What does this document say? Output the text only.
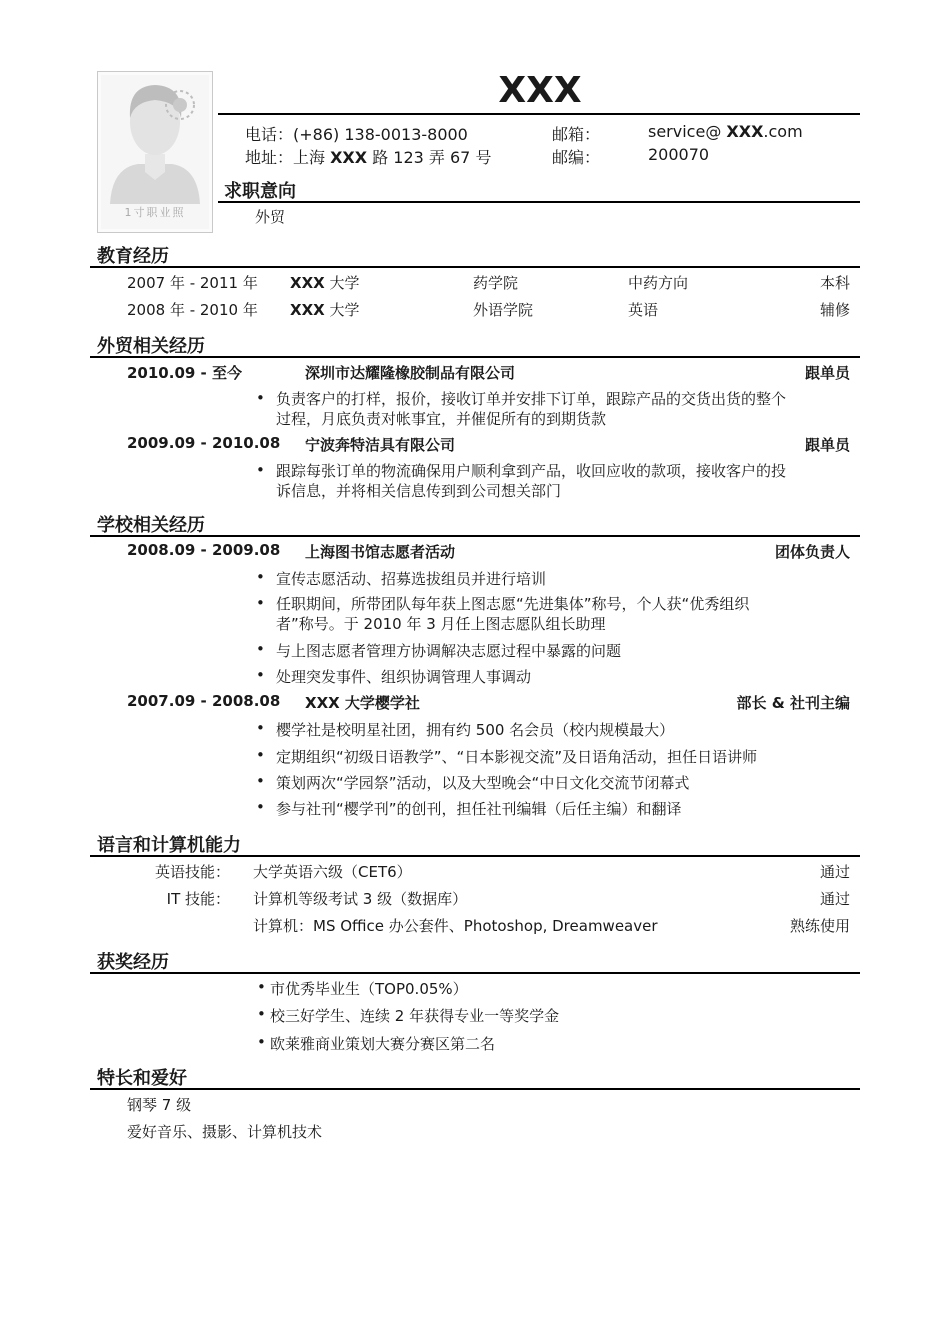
1寸职业照
XXX
电话：(+86) 138-0013-8000
地址：上海 XXX 路 123 弄 67 号
邮箱：	service@ XXX.com
邮编：	200070
求职意向
外贸
教育经历
2007 年 - 2011 年 XXX 大学	药学院	中药方向	本科
2008 年 - 2010 年 XXX 大学	外语学院	英语	辅修
外贸相关经历
2010.09 - 至今	深圳市达耀隆橡胶制品有限公司	跟单员
• 负责客户的打样，报价，接收订单并安排下订单，跟踪产品的交货出货的整个
过程，月底负责对帐事宜，并催促所有的到期货款
2009.09 - 2010.08 宁波奔特洁具有限公司	跟单员
• 跟踪每张订单的物流确保用户顺利拿到产品，收回应收的款项，接收客户的投
诉信息，并将相关信息传到到公司想关部门
学校相关经历
2008.09 - 2009.08 上海图书馆志愿者活动	团体负责人
• 宣传志愿活动、招募选拔组员并进行培训
• 任职期间，所带团队每年获上图志愿“先进集体”称号，个人获“优秀组织
者”称号。于 2010 年 3 月任上图志愿队组长助理
• 与上图志愿者管理方协调解决志愿过程中暴露的问题
• 处理突发事件、组织协调管理人事调动
2007.09 - 2008.08 XXX 大学樱学社	部长 & 社刊主编
• 樱学社是校明星社团，拥有约 500 名会员（校内规模最大）
• 定期组织“初级日语教学”、“日本影视交流”及日语角活动，担任日语讲师
• 策划两次“学园祭”活动，以及大型晚会“中日文化交流节闭幕式
• 参与社刊“樱学刊”的创刊，担任社刊编辑（后任主编）和翻译
语言和计算机能力
英语技能： 大学英语六级（CET6）	通过
IT 技能： 计算机等级考试 3 级（数据库）	通过
计算机：MS Office 办公套件、Photoshop, Dreamweaver	熟练使用
获奖经历
• 市优秀毕业生（TOP0.05%）
• 校三好学生、连续 2 年获得专业一等奖学金
• 欧莱雅商业策划大赛分赛区第二名
特长和爱好
钢琴 7 级
爱好音乐、摄影、计算机技术
